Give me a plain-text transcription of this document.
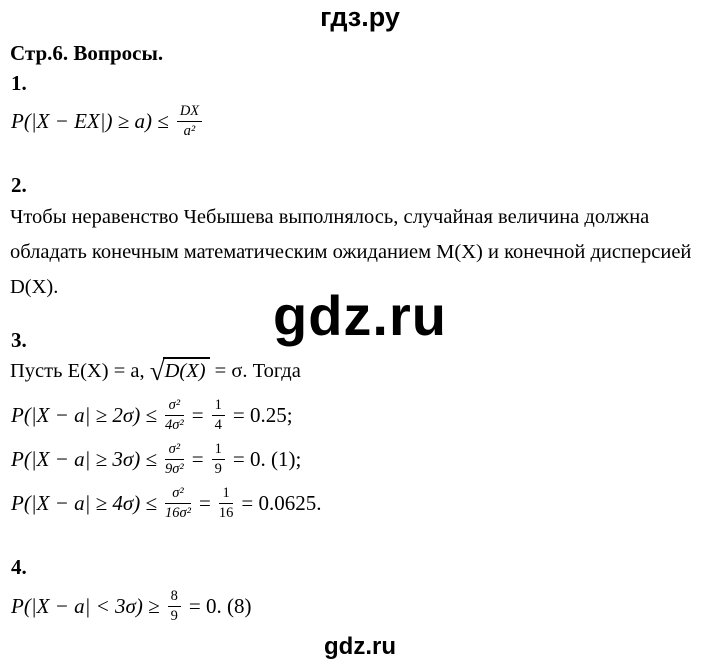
гдз.ру
Стр.6. Вопросы.
1.
$P(|X - EX|) \ge a) \le \frac{DX}{\text{a²}}$
2.
Чтобы неравенство Чебышева выполнялось, случайная величина должна
обладать конечным математическим ожиданием M(X) и конечной дисперсией
D(X).	gdz.ru
3.
Пусть E(X) = a, √D(X) = σ. Тогда
$P(|X - a| \ge 2\sigma) \le \frac{\text{σ²}}{\text{4σ²}} = \frac{1}{4} = 0.25$;
$P(|X - a| \ge 3\sigma) \le \frac{\text{σ²}}{\text{9σ²}} = \frac{1}{9} = 0$. (1);
$P(|X - a| \ge 4\sigma) \le \frac{\text{σ²}}{\text{16σ²}} = \frac{1}{16} = 0.0625$.
4.
$P(|X - a| < 3\sigma) \ge \frac{8}{9} = 0$. (8)
gdz.ru
